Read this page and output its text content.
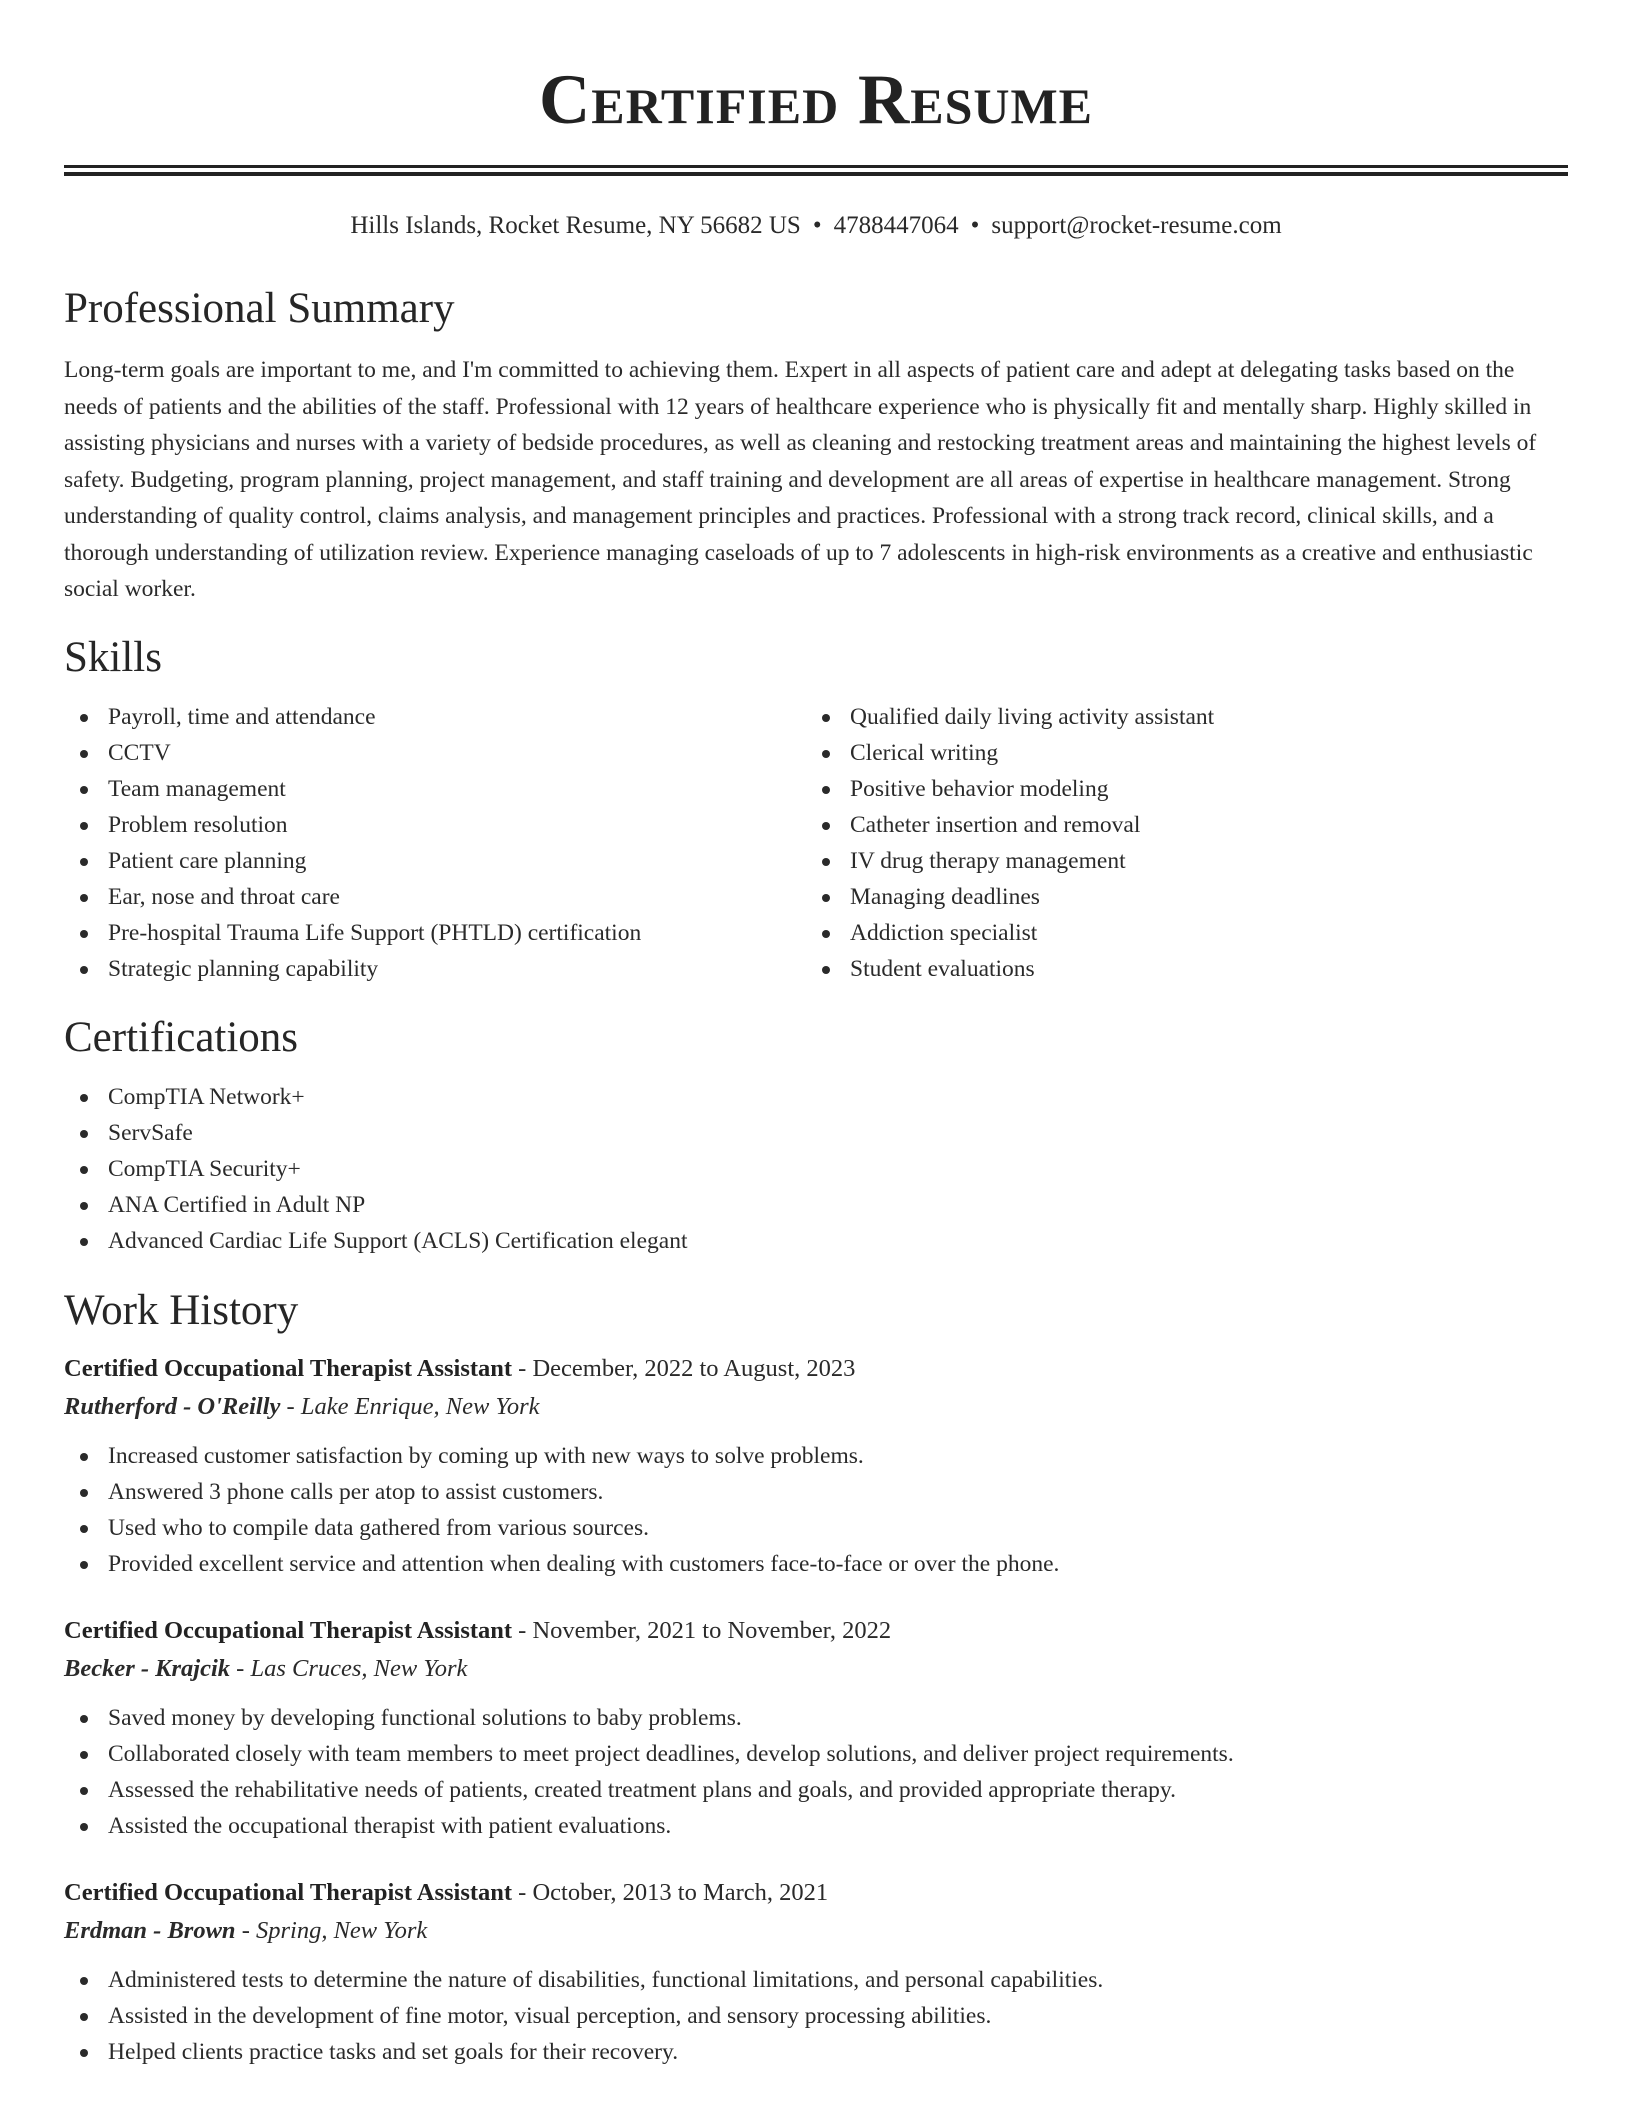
Certified Resume
Hills Islands, Rocket Resume, NY 56682 US • 4788447064 • support@rocket-resume.com
Professional Summary

Long-term goals are important to me, and I'm committed to achieving them. Expert in all aspects of patient care and adept at delegating tasks based on the needs of patients and the abilities of the staff. Professional with 12 years of healthcare experience who is physically fit and mentally sharp. Highly skilled in assisting physicians and nurses with a variety of bedside procedures, as well as cleaning and restocking treatment areas and maintaining the highest levels of safety. Budgeting, program planning, project management, and staff training and development are all areas of expertise in healthcare management. Strong understanding of quality control, claims analysis, and management principles and practices. Professional with a strong track record, clinical skills, and a thorough understanding of utilization review. Experience managing caseloads of up to 7 adolescents in high-risk environments as a creative and enthusiastic social worker.

Skills
Payroll, time and attendance
CCTV
Team management
Problem resolution
Patient care planning
Ear, nose and throat care
Pre-hospital Trauma Life Support (PHTLD) certification
Strategic planning capability
Qualified daily living activity assistant
Clerical writing
Positive behavior modeling
Catheter insertion and removal
IV drug therapy management
Managing deadlines
Addiction specialist
Student evaluations
Certifications
CompTIA Network+
ServSafe
CompTIA Security+
ANA Certified in Adult NP
Advanced Cardiac Life Support (ACLS) Certification elegant
Work History
Certified Occupational Therapist Assistant - December, 2022 to August, 2023
Rutherford - O'Reilly - Lake Enrique, New York
Increased customer satisfaction by coming up with new ways to solve problems.
Answered 3 phone calls per atop to assist customers.
Used who to compile data gathered from various sources.
Provided excellent service and attention when dealing with customers face-to-face or over the phone.
Certified Occupational Therapist Assistant - November, 2021 to November, 2022
Becker - Krajcik - Las Cruces, New York
Saved money by developing functional solutions to baby problems.
Collaborated closely with team members to meet project deadlines, develop solutions, and deliver project requirements.
Assessed the rehabilitative needs of patients, created treatment plans and goals, and provided appropriate therapy.
Assisted the occupational therapist with patient evaluations.
Certified Occupational Therapist Assistant - October, 2013 to March, 2021
Erdman - Brown - Spring, New York
Administered tests to determine the nature of disabilities, functional limitations, and personal capabilities.
Assisted in the development of fine motor, visual perception, and sensory processing abilities.
Helped clients practice tasks and set goals for their recovery.
